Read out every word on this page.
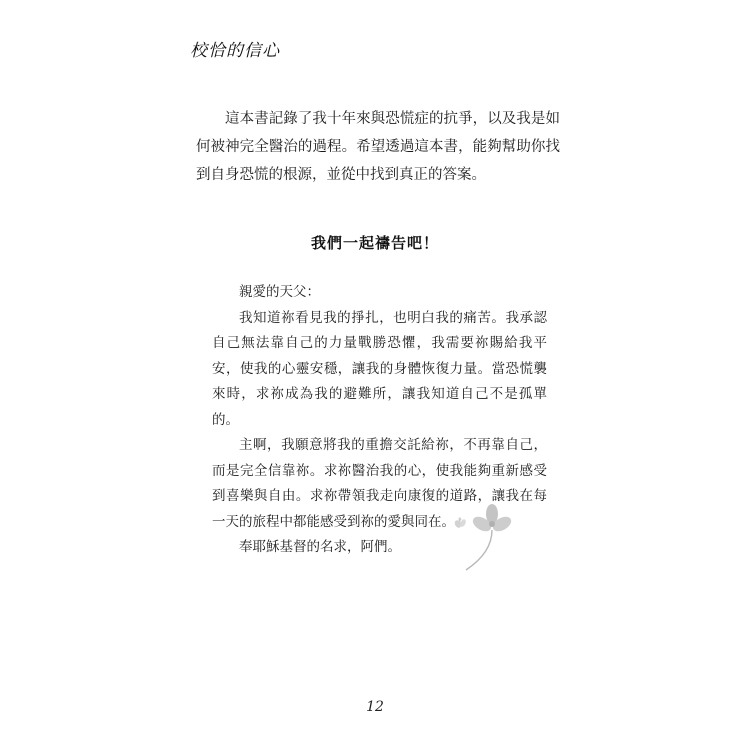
校恰的信心

這本書記錄了我十年來與恐慌症的抗爭，以及我是如何被神完全醫治的過程。希望透過這本書，能夠幫助你找到自身恐慌的根源，並從中找到真正的答案。

我們一起禱告吧！

親愛的天父：

我知道祢看見我的掙扎，也明白我的痛苦。我承認自己無法靠自己的力量戰勝恐懼，我需要祢賜給我平安，使我的心靈安穩，讓我的身體恢復力量。當恐慌襲來時，求祢成為我的避難所，讓我知道自己不是孤單的。

主啊，我願意將我的重擔交託給祢，不再靠自己，而是完全信靠祢。求祢醫治我的心，使我能夠重新感受到喜樂與自由。求祢帶領我走向康復的道路，讓我在每一天的旅程中都能感受到祢的愛與同在。

奉耶穌基督的名求，阿們。

12
